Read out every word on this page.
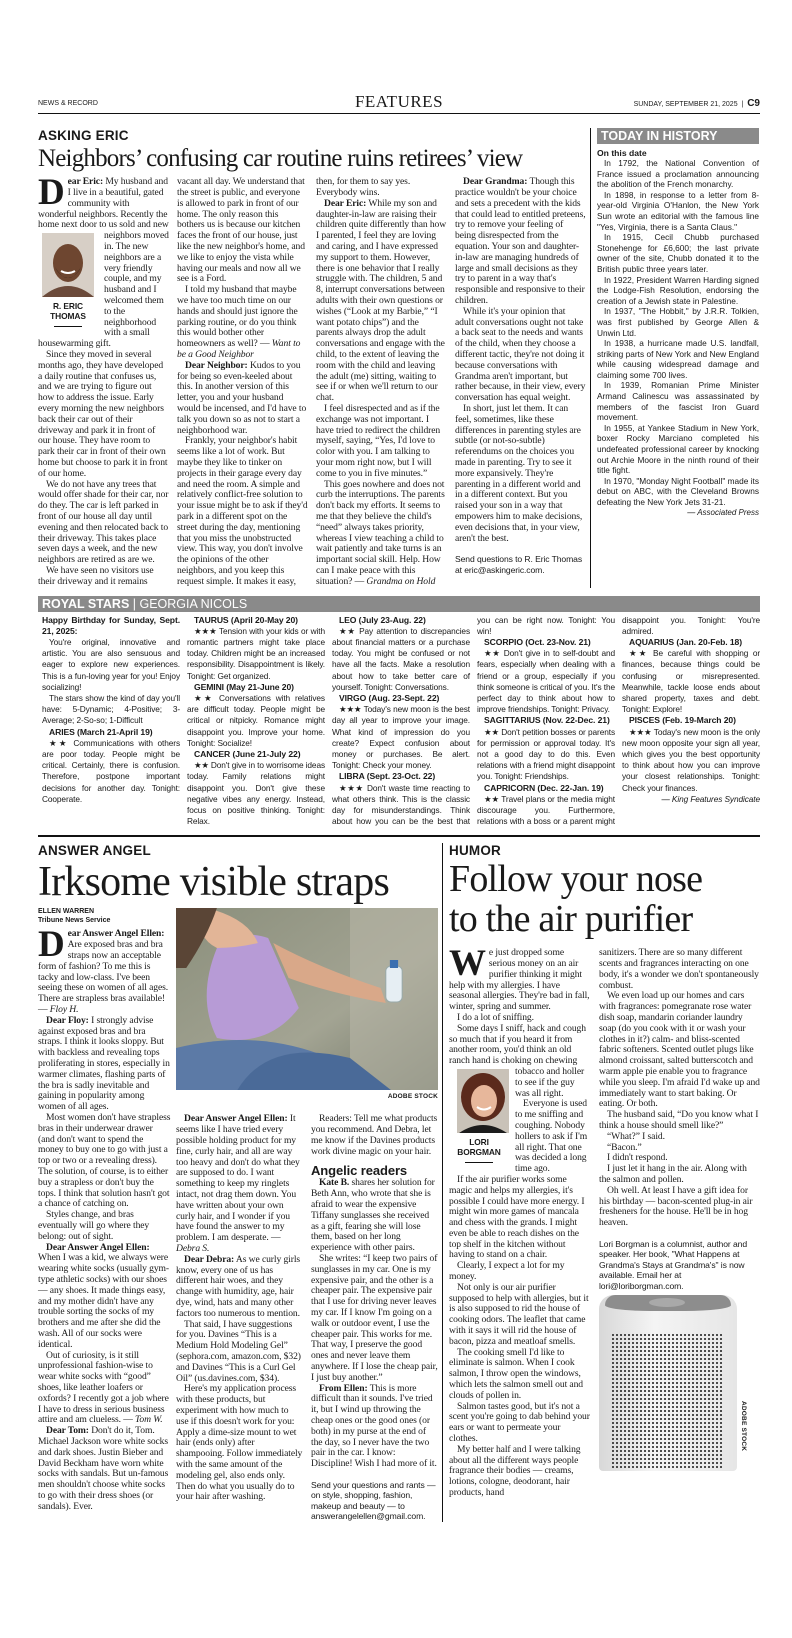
NEWS & RECORD	FEATURES	SUNDAY, SEPTEMBER 21, 2025  |  C9
ASKING ERIC
Neighbors’ confusing car routine ruins retirees’ view

Dear Eric: My husband and I live in a beautiful, gated community with wonderful neighbors. Recently the home next door to us sold and new
R. ERIC THOMAS
neighbors moved in. The new neighbors are a very friendly couple, and my husband and I welcomed them to the neighborhood with a small housewarming gift.

Since they moved in several months ago, they have developed a daily routine that confuses us, and we are trying to figure out how to address the issue. Early every morning the new neighbors back their car out of their driveway and park it in front of our house. They have room to park their car in front of their own home but choose to park it in front of our home.

We do not have any trees that would offer shade for their car, nor do they. The car is left parked in front of our house all day until evening and then relocated back to their driveway. This takes place seven days a week, and the new neighbors are retired as are we.

We have seen no visitors use their driveway and it remains vacant all day. We understand that the street is public, and everyone is allowed to park in front of our home. The only reason this bothers us is because our kitchen faces the front of our house, just like the new neighbor's home, and we like to enjoy the vista while having our meals and now all we see is a Ford.

I told my husband that maybe we have too much time on our hands and should just ignore the parking routine, or do you think this would bother other homeowners as well? — Want to be a Good Neighbor

Dear Neighbor: Kudos to you for being so even-keeled about this. In another version of this letter, you and your husband would be incensed, and I'd have to talk you down so as not to start a neighborhood war.

Frankly, your neighbor's habit seems like a lot of work. But maybe they like to tinker on projects in their garage every day and need the room. A simple and relatively conflict-free solution to your issue might be to ask if they'd park in a different spot on the street during the day, mentioning that you miss the unobstructed view. This way, you don't involve the opinions of the other neighbors, and you keep this request simple. It makes it easy, then, for them to say yes. Everybody wins.

Dear Eric: While my son and daughter-in-law are raising their children quite differently than how I parented, I feel they are loving and caring, and I have expressed my support to them. However, there is one behavior that I really struggle with. The children, 5 and 8, interrupt conversations between adults with their own questions or wishes (“Look at my Barbie,” “I want potato chips”) and the parents always drop the adult conversations and engage with the child, to the extent of leaving the room with the child and leaving the adult (me) sitting, waiting to see if or when we'll return to our chat.

I feel disrespected and as if the exchange was not important. I have tried to redirect the children myself, saying, “Yes, I'd love to color with you. I am talking to your mom right now, but I will come to you in five minutes.”

This goes nowhere and does not curb the interruptions. The parents don't back my efforts. It seems to me that they believe the child's “need” always takes priority, whereas I view teaching a child to wait patiently and take turns is an important social skill. Help. How can I make peace with this situation? — Grandma on Hold

Dear Grandma: Though this practice wouldn't be your choice and sets a precedent with the kids that could lead to entitled preteens, try to remove your feeling of being disrespected from the equation. Your son and daughter-in-law are managing hundreds of large and small decisions as they try to parent in a way that's responsible and responsive to their children.

While it's your opinion that adult conversations ought not take a back seat to the needs and wants of the child, when they choose a different tactic, they're not doing it because conversations with Grandma aren't important, but rather because, in their view, every conversation has equal weight.

In short, just let them. It can feel, sometimes, like these differences in parenting styles are subtle (or not-so-subtle) referendums on the choices you made in parenting. Try to see it more expansively. They're parenting in a different world and in a different context. But you raised your son in a way that empowers him to make decisions, even decisions that, in your view, aren't the best.

Send questions to R. Eric Thomas at eric@askingeric.com.

TODAY IN HISTORY
On this date

In 1792, the National Convention of France issued a proclamation announcing the abolition of the French monarchy.

In 1898, in response to a letter from 8-year-old Virginia O'Hanlon, the New York Sun wrote an editorial with the famous line "Yes, Virginia, there is a Santa Claus."

In 1915, Cecil Chubb purchased Stonehenge for £6,600; the last private owner of the site, Chubb donated it to the British public three years later.

In 1922, President Warren Harding signed the Lodge-Fish Resolution, endorsing the creation of a Jewish state in Palestine.

In 1937, "The Hobbit," by J.R.R. Tolkien, was first published by George Allen & Unwin Ltd.

In 1938, a hurricane made U.S. landfall, striking parts of New York and New England while causing widespread damage and claiming some 700 lives.

In 1939, Romanian Prime Minister Armand Calinescu was assassinated by members of the fascist Iron Guard movement.

In 1955, at Yankee Stadium in New York, boxer Rocky Marciano completed his undefeated professional career by knocking out Archie Moore in the ninth round of their title fight.

In 1970, "Monday Night Football" made its debut on ABC, with the Cleveland Browns defeating the New York Jets 31-21.

— Associated Press
ROYAL STARS | GEORGIA NICOLS
Happy Birthday for Sunday, Sept. 21, 2025:

You're original, innovative and artistic. You are also sensuous and eager to explore new experiences. This is a fun-loving year for you! Enjoy socializing!

The stars show the kind of day you'll have: 5-Dynamic; 4-Positive; 3-Average; 2-So-so; 1-Difficult

ARIES (March 21-April 19)

★★ Communications with others are poor today. People might be critical. Certainly, there is confusion. Therefore, postpone important decisions for another day. Tonight: Cooperate.

TAURUS (April 20-May 20)

★★★ Tension with your kids or with romantic partners might take place today. Children might be an increased responsibility. Disappointment is likely. Tonight: Get organized.

GEMINI (May 21-June 20)

★★ Conversations with relatives are difficult today. People might be critical or nitpicky. Romance might disappoint you. Improve your home. Tonight: Socialize!

CANCER (June 21-July 22)

★★ Don't give in to worrisome ideas today. Family relations might disappoint you. Don't give these negative vibes any energy. Instead, focus on positive thinking. Tonight: Relax.

LEO (July 23-Aug. 22)

★★ Pay attention to discrepancies about financial matters or a purchase today. You might be confused or not have all the facts. Make a resolution about how to take better care of yourself. Tonight: Conversations.

VIRGO (Aug. 23-Sept. 22)

★★★ Today's new moon is the best day all year to improve your image. What kind of impression do you create? Expect confusion about money or purchases. Be alert. Tonight: Check your money.

LIBRA (Sept. 23-Oct. 22)

★★★ Don't waste time reacting to what others think. This is the classic day for misunderstandings. Think about how you can be the best that you can be right now. Tonight: You win!

SCORPIO (Oct. 23-Nov. 21)

★★ Don't give in to self-doubt and fears, especially when dealing with a friend or a group, especially if you think someone is critical of you. It's the perfect day to think about how to improve friendships. Tonight: Privacy.

SAGITTARIUS (Nov. 22-Dec. 21)

★★ Don't petition bosses or parents for permission or approval today. It's not a good day to do this. Even relations with a friend might disappoint you. Tonight: Friendships.

CAPRICORN (Dec. 22-Jan. 19)

★★ Travel plans or the media might discourage you. Furthermore, relations with a boss or a parent might disappoint you. Tonight: You're admired.

AQUARIUS (Jan. 20-Feb. 18)

★★ Be careful with shopping or finances, because things could be confusing or misrepresented. Meanwhile, tackle loose ends about shared property, taxes and debt. Tonight: Explore!

PISCES (Feb. 19-March 20)

★★★ Today's new moon is the only new moon opposite your sign all year, which gives you the best opportunity to think about how you can improve your closest relationships. Tonight: Check your finances.

— King Features Syndicate

ANSWER ANGEL
Irksome visible straps
ELLEN WARREN
Tribune News Service

Dear Answer Angel Ellen: Are exposed bras and bra straps now an acceptable form of fashion? To me this is tacky and low-class. I've been seeing these on women of all ages. There are strapless bras available! — Floy H.

Dear Floy: I strongly advise against exposed bras and bra straps. I think it looks sloppy. But with backless and revealing tops proliferating in stores, especially in warmer climates, flashing parts of the bra is sadly inevitable and gaining in popularity among women of all ages.

Most women don't have strapless bras in their underwear drawer (and don't want to spend the money to buy one to go with just a top or two or a revealing dress). The solution, of course, is to either buy a strapless or don't buy the tops. I think that solution hasn't got a chance of catching on.

Styles change, and bras eventually will go where they belong: out of sight.

Dear Answer Angel Ellen: When I was a kid, we always were wearing white socks (usually gym-type athletic socks) with our shoes — any shoes. It made things easy, and my mother didn't have any trouble sorting the socks of my brothers and me after she did the wash. All of our socks were identical.

Out of curiosity, is it still unprofessional fashion-wise to wear white socks with “good” shoes, like leather loafers or oxfords? I recently got a job where I have to dress in serious business attire and am clueless. — Tom W.

Dear Tom: Don't do it, Tom. Michael Jackson wore white socks and dark shoes. Justin Bieber and David Beckham have worn white socks with sandals. But un-famous men shouldn't choose white socks to go with their dress shoes (or sandals). Ever.

ADOBE STOCK

Dear Answer Angel Ellen: It seems like I have tried every possible holding product for my fine, curly hair, and all are way too heavy and don't do what they are supposed to do. I want something to keep my ringlets intact, not drag them down. You have written about your own curly hair, and I wonder if you have found the answer to my problem. I am desperate. — Debra S.

Dear Debra: As we curly girls know, every one of us has different hair woes, and they change with humidity, age, hair dye, wind, hats and many other factors too numerous to mention.

That said, I have suggestions for you. Davines “This is a Medium Hold Modeling Gel” (sephora.com, amazon.com, $32) and Davines “This is a Curl Gel Oil” (us.davines.com, $34).

Here's my application process with these products, but experiment with how much to use if this doesn't work for you: Apply a dime-size mount to wet hair (ends only) after shampooing. Follow immediately with the same amount of the modeling gel, also ends only. Then do what you usually do to your hair after washing.

Readers: Tell me what products you recommend. And Debra, let me know if the Davines products work divine magic on your hair.

Angelic readers

Kate B. shares her solution for Beth Ann, who wrote that she is afraid to wear the expensive Tiffany sunglasses she received as a gift, fearing she will lose them, based on her long experience with other pairs.

She writes: “I keep two pairs of sunglasses in my car. One is my expensive pair, and the other is a cheaper pair. The expensive pair that I use for driving never leaves my car. If I know I'm going on a walk or outdoor event, I use the cheaper pair. This works for me. That way, I preserve the good ones and never leave them anywhere. If I lose the cheap pair, I just buy another.”

From Ellen: This is more difficult than it sounds. I've tried it, but I wind up throwing the cheap ones or the good ones (or both) in my purse at the end of the day, so I never have the two pair in the car. I know: Discipline! Wish I had more of it.

Send your questions and rants — on style, shopping, fashion, makeup and beauty — to answerangelellen@gmail.com.

HUMOR
Follow your nose
to the air purifier

We just dropped some serious money on an air purifier thinking it might help with my allergies. I have seasonal allergies. They're bad in fall, winter, spring and summer.

I do a lot of sniffing.

Some days I sniff, hack and cough so much that if you heard it from another room, you'd think an old ranch hand is choking on chewing tobacco and hol
LORI BORGMAN
ler to see if the guy was all right.

Everyone is used to me sniffing and coughing. Nobody hollers to ask if I'm all right. That one was decided a long time ago.

If the air purifier works some magic and helps my allergies, it's possible I could have more energy. I might win more games of mancala and chess with the grands. I might even be able to reach dishes on the top shelf in the kitchen without having to stand on a chair.

Clearly, I expect a lot for my money.

Not only is our air purifier supposed to help with allergies, but it is also supposed to rid the house of cooking odors. The leaflet that came with it says it will rid the house of bacon, pizza and meatloaf smells.

The cooking smell I'd like to eliminate is salmon. When I cook salmon, I throw open the windows, which lets the salmon smell out and clouds of pollen in.

Salmon tastes good, but it's not a scent you're going to dab behind your ears or want to permeate your clothes.

My better half and I were talking about all the different ways people fragrance their bodies — creams, lotions, cologne, deodorant, hair products, hand

sanitizers. There are so many different scents and fragrances interacting on one body, it's a wonder we don't spontaneously combust.

We even load up our homes and cars with fragrances: pomegranate rose water dish soap, mandarin coriander laundry soap (do you cook with it or wash your clothes in it?) calm- and bliss-scented fabric softeners. Scented outlet plugs like almond croissant, salted butterscotch and warm apple pie enable you to fragrance while you sleep. I'm afraid I'd wake up and immediately want to start baking. Or eating. Or both.

The husband said, “Do you know what I think a house should smell like?”

“What?” I said.

“Bacon.”

I didn't respond.

I just let it hang in the air. Along with the salmon and pollen.

Oh well. At least I have a gift idea for his birthday — bacon-scented plug-in air fresheners for the house. He'll be in hog heaven.

Lori Borgman is a columnist, author and speaker. Her book, "What Happens at Grandma's Stays at Grandma's" is now available. Email her at lori@loriborgman.com.

ADOBE STOCK
